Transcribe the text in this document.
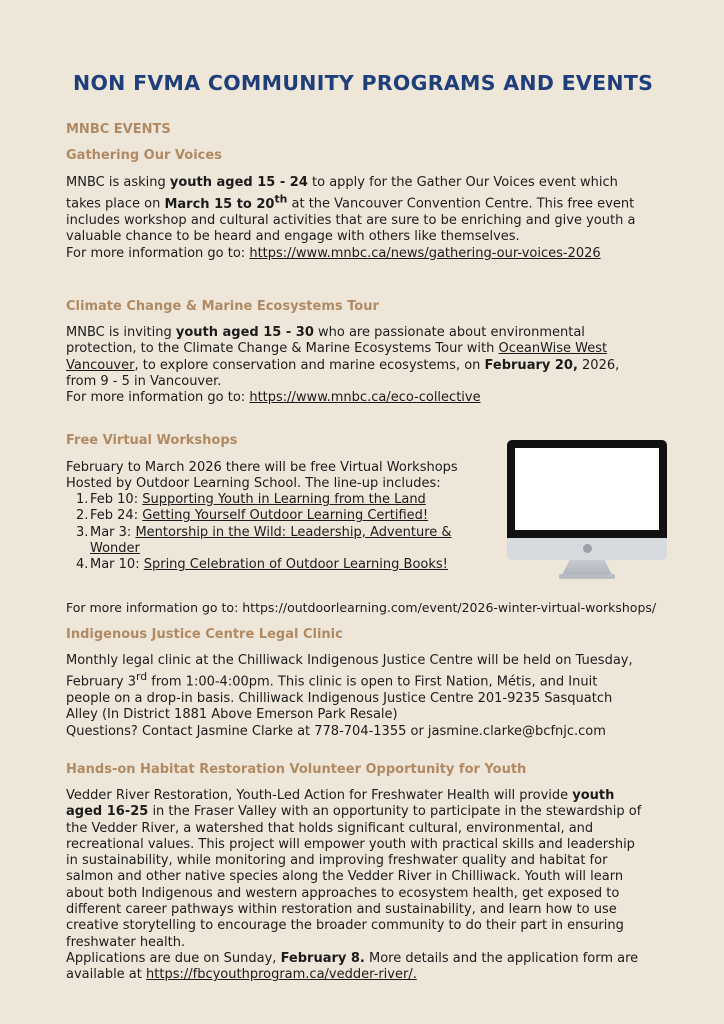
NON FVMA COMMUNITY PROGRAMS AND EVENTS
MNBC EVENTS
Gathering Our Voices

MNBC is asking youth aged 15 - 24 to apply for the Gather Our Voices event which takes place on March 15 to 20th at the Vancouver Convention Centre. This free event includes workshop and cultural activities that are sure to be enriching and give youth a valuable chance to be heard and engage with others like themselves.
For more information go to: https://www.mnbc.ca/news/gathering-our-voices-2026

Climate Change & Marine Ecosystems Tour

MNBC is inviting youth aged 15 - 30 who are passionate about environmental protection, to the Climate Change & Marine Ecosystems Tour with OceanWise West Vancouver, to explore conservation and marine ecosystems, on February 20, 2026, from 9 - 5 in Vancouver.
For more information go to: https://www.mnbc.ca/eco-collective

Free Virtual Workshops

February to March 2026 there will be free Virtual Workshops Hosted by Outdoor Learning School. The line-up includes:

1. Feb 10: Supporting Youth in Learning from the Land
2. Feb 24: Getting Yourself Outdoor Learning Certified!
3. Mar 3: Mentorship in the Wild: Leadership, Adventure & Wonder
4. Mar 10: Spring Celebration of Outdoor Learning Books!

For more information go to: https://outdoorlearning.com/event/2026-winter-virtual-workshops/

Indigenous Justice Centre Legal Clinic

Monthly legal clinic at the Chilliwack Indigenous Justice Centre will be held on Tuesday, February 3rd from 1:00-4:00pm. This clinic is open to First Nation, Métis, and Inuit people on a drop-in basis. Chilliwack Indigenous Justice Centre 201-9235 Sasquatch Alley (In District 1881 Above Emerson Park Resale)
Questions? Contact Jasmine Clarke at 778-704-1355 or jasmine.clarke@bcfnjc.com

Hands-on Habitat Restoration Volunteer Opportunity for Youth

Vedder River Restoration, Youth-Led Action for Freshwater Health will provide youth aged 16-25 in the Fraser Valley with an opportunity to participate in the stewardship of the Vedder River, a watershed that holds significant cultural, environmental, and recreational values. This project will empower youth with practical skills and leadership in sustainability, while monitoring and improving freshwater quality and habitat for salmon and other native species along the Vedder River in Chilliwack. Youth will learn about both Indigenous and western approaches to ecosystem health, get exposed to different career pathways within restoration and sustainability, and learn how to use creative storytelling to encourage the broader community to do their part in ensuring freshwater health.
Applications are due on Sunday, February 8. More details and the application form are available at https://fbcyouthprogram.ca/vedder-river/.
